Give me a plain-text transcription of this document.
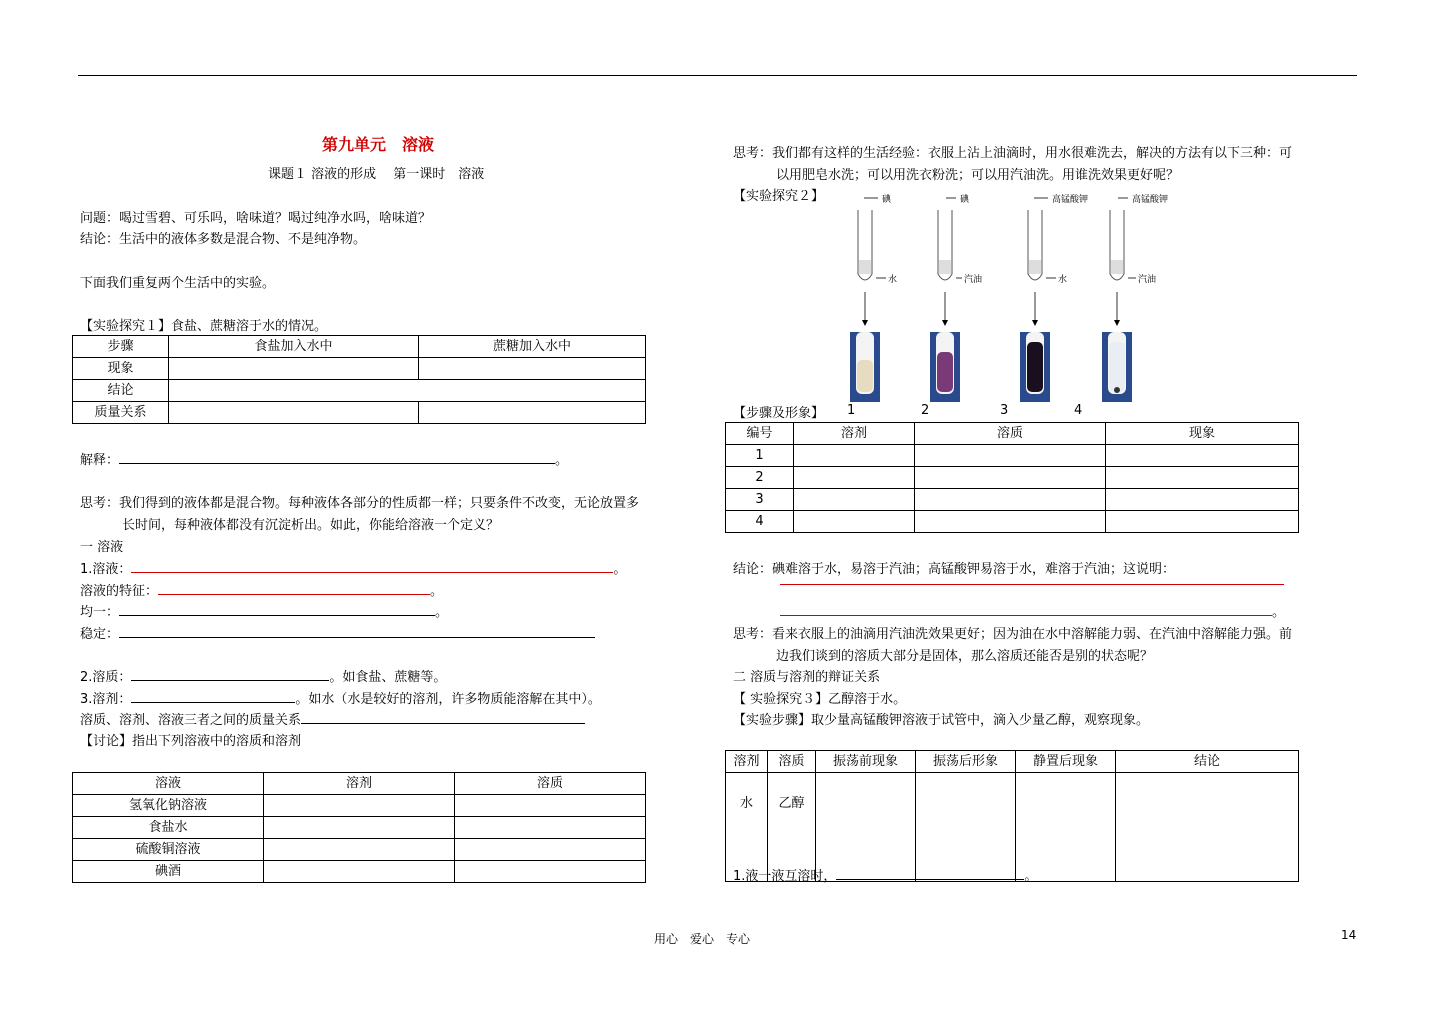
第九单元　溶液
课题１ 溶液的形成　 第一课时　溶液
问题：喝过雪碧、可乐吗，啥味道？喝过纯净水吗，啥味道？
结论：生活中的液体多数是混合物、不是纯净物。
下面我们重复两个生活中的实验。
【实验探究１】食盐、蔗糖溶于水的情况。
步骤	食盐加入水中	蔗糖加入水中
现象		
结论		
质量关系		
解释：	。
思考：我们得到的液体都是混合物。每种液体各部分的性质都一样；只要条件不改变，无论放置多
长时间，每种液体都没有沉淀析出。如此，你能给溶液一个定义？
一 溶液
1.溶液：	。
溶液的特征：	。
均一：	。
稳定：
2.溶质：	。如食盐、蔗糖等。
3.溶剂：	。如水（水是较好的溶剂，许多物质能溶解在其中）。
溶质、溶剂、溶液三者之间的质量关系
【讨论】指出下列溶液中的溶质和溶剂
溶液	溶剂	溶质
氢氧化钠溶液		
食盐水		
硫酸铜溶液		
碘酒		
思考：我们都有这样的生活经验：衣服上沾上油滴时，用水很难洗去，解决的方法有以下三种：可
以用肥皂水洗；可以用洗衣粉洗；可以用汽油洗。用谁洗效果更好呢？
【实验探究２】	碘
水
碘
汽油
高锰酸钾
水
高锰酸钾
汽油
【步骤及形象】 1	2	3	4
编号	溶剂	溶质	现象
1			
2			
3			
4			
结论：碘难溶于水，易溶于汽油；高锰酸钾易溶于水，难溶于汽油；这说明：
。
思考：看来衣服上的油滴用汽油洗效果更好；因为油在水中溶解能力弱、在汽油中溶解能力强。前
边我们谈到的溶质大部分是固体，那么溶质还能否是别的状态呢？
二 溶质与溶剂的辩证关系
【 实验探究３】乙醇溶于水。
【实验步骤】取少量高锰酸钾溶液于试管中，滴入少量乙醇，观察现象。
溶剂	溶质	振荡前现象	振荡后形象	静置后现象	结论
水	乙醇				
1.液一液互溶时，	。
用心　爱心　专心	14
